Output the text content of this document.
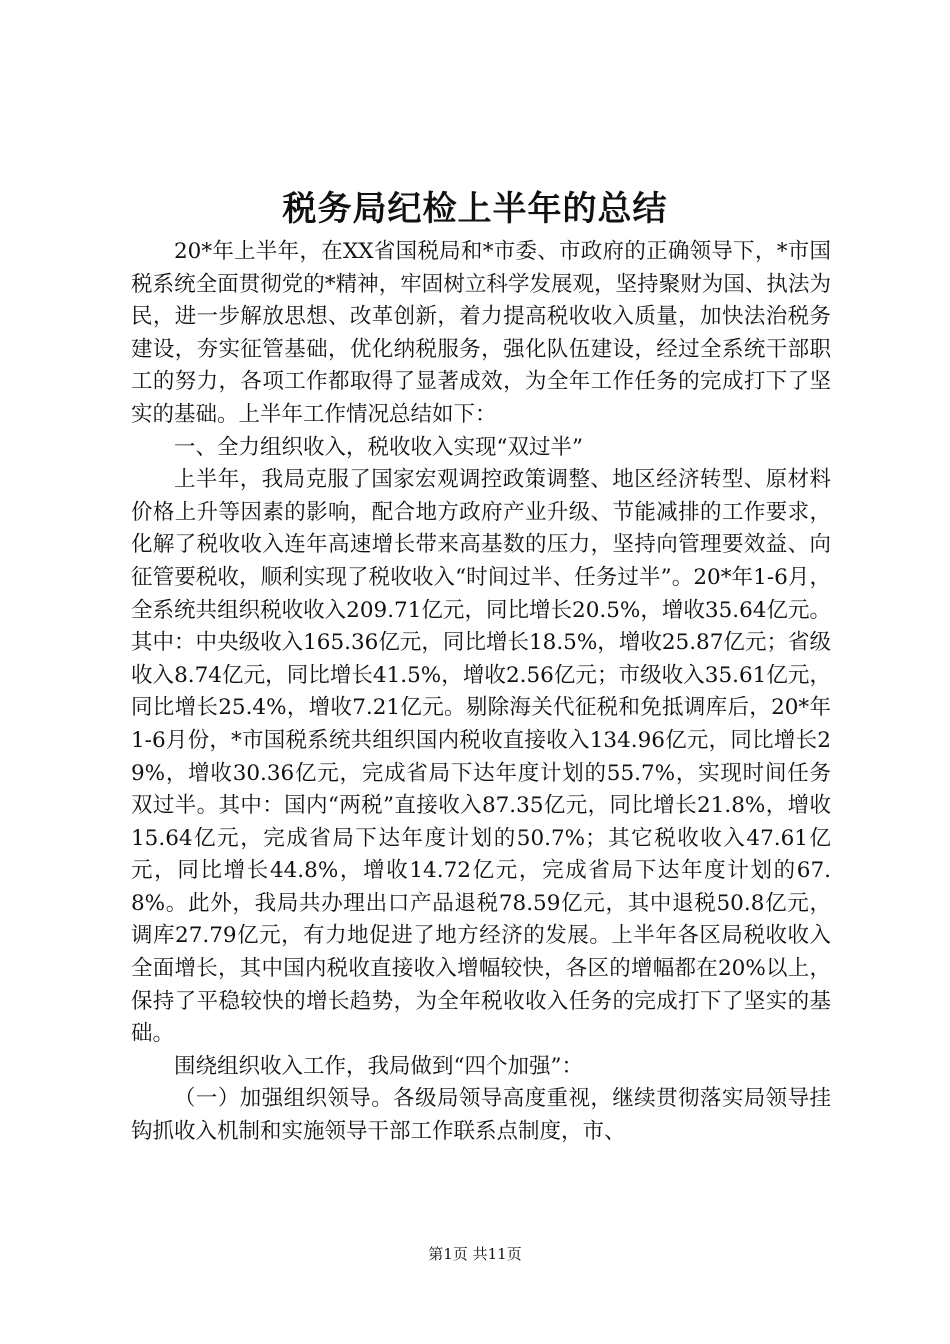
税务局纪检上半年的总结

20*年上半年，在XX省国税局和*市委、市政府的正确领导下，*市国税系统全面贯彻党的*精神，牢固树立科学发展观，坚持聚财为国、执法为民，进一步解放思想、改革创新，着力提高税收收入质量，加快法治税务建设，夯实征管基础，优化纳税服务，强化队伍建设，经过全系统干部职工的努力，各项工作都取得了显著成效，为全年工作任务的完成打下了坚实的基础。上半年工作情况总结如下：

一、全力组织收入，税收收入实现“双过半”

上半年，我局克服了国家宏观调控政策调整、地区经济转型、原材料价格上升等因素的影响，配合地方政府产业升级、节能减排的工作要求，化解了税收收入连年高速增长带来高基数的压力，坚持向管理要效益、向征管要税收，顺利实现了税收收入“时间过半、任务过半”。20*年1-6月，全系统共组织税收收入209.71亿元，同比增长20.5%，增收35.64亿元。其中：中央级收入165.36亿元，同比增长18.5%，增收25.87亿元；省级收入8.74亿元，同比增长41.5%，增收2.56亿元；市级收入35.61亿元，同比增长25.4%，增收7.21亿元。剔除海关代征税和免抵调库后，20*年1-6月份，*市国税系统共组织国内税收直接收入134.96亿元，同比增长29%，增收30.36亿元，完成省局下达年度计划的55.7%，实现时间任务双过半。其中：国内“两税”直接收入87.35亿元，同比增长21.8%，增收15.64亿元，完成省局下达年度计划的50.7%；其它税收收入47.61亿元，同比增长44.8%，增收14.72亿元，完成省局下达年度计划的67.8%。此外，我局共办理出口产品退税78.59亿元，其中退税50.8亿元，调库27.79亿元，有力地促进了地方经济的发展。上半年各区局税收收入全面增长，其中国内税收直接收入增幅较快，各区的增幅都在20%以上，保持了平稳较快的增长趋势，为全年税收收入任务的完成打下了坚实的基础。

围绕组织收入工作，我局做到“四个加强”：

（一）加强组织领导。各级局领导高度重视，继续贯彻落实局领导挂钩抓收入机制和实施领导干部工作联系点制度，市、

第1页 共11页
